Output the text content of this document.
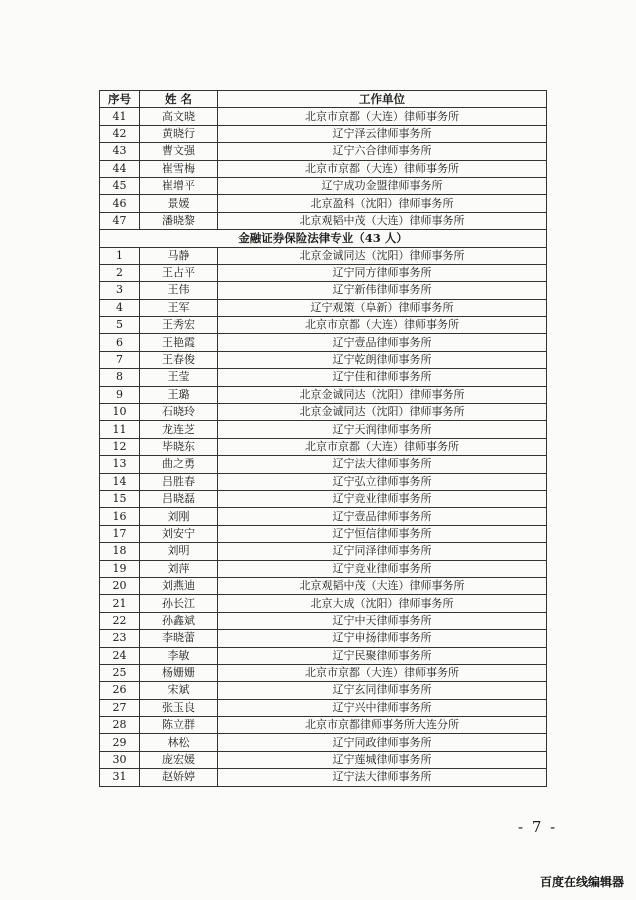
序号	姓 名	工作单位
41	高文晓	北京市京都（大连）律师事务所
42	黄晓行	辽宁泽云律师事务所
43	曹文强	辽宁六合律师事务所
44	崔雪梅	北京市京都（大连）律师事务所
45	崔增平	辽宁成功金盟律师事务所
46	景媛	北京盈科（沈阳）律师事务所
47	潘晓黎	北京观韬中茂（大连）律师事务所
金融证券保险法律专业（43 人）		
1	马静	北京金诚同达（沈阳）律师事务所
2	王占平	辽宁同方律师事务所
3	王伟	辽宁新伟律师事务所
4	王军	辽宁观策（阜新）律师事务所
5	王秀宏	北京市京都（大连）律师事务所
6	王艳霞	辽宁壹品律师事务所
7	王春俊	辽宁乾朗律师事务所
8	王莹	辽宁佳和律师事务所
9	王璐	北京金诚同达（沈阳）律师事务所
10	石晓玲	北京金诚同达（沈阳）律师事务所
11	龙连芝	辽宁天润律师事务所
12	毕晓东	北京市京都（大连）律师事务所
13	曲之勇	辽宁法大律师事务所
14	吕胜春	辽宁弘立律师事务所
15	吕晓磊	辽宁竞业律师事务所
16	刘刚	辽宁壹品律师事务所
17	刘安宁	辽宁恒信律师事务所
18	刘明	辽宁同泽律师事务所
19	刘萍	辽宁竞业律师事务所
20	刘燕迪	北京观韬中茂（大连）律师事务所
21	孙长江	北京大成（沈阳）律师事务所
22	孙鑫斌	辽宁中天律师事务所
23	李晓蕾	辽宁申扬律师事务所
24	李敏	辽宁民聚律师事务所
25	杨姗姗	北京市京都（大连）律师事务所
26	宋斌	辽宁玄同律师事务所
27	张玉良	辽宁兴中律师事务所
28	陈立群	北京市京都律师事务所大连分所
29	林松	辽宁同政律师事务所
30	庞宏媛	辽宁莲城律师事务所
31	赵娇婷	辽宁法大律师事务所
- 7 -
百度在线编辑器
